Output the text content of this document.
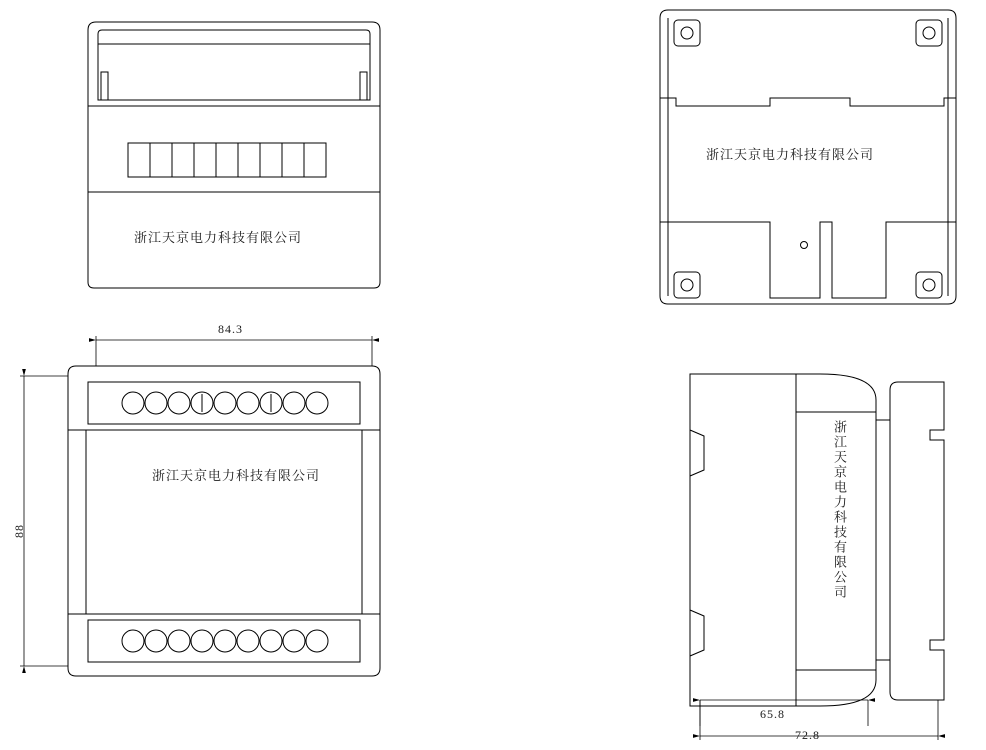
浙江天京电力科技有限公司
浙江天京电力科技有限公司
浙江天京电力科技有限公司	浙江天京电力科技有限公司
84.3
88
65.8
72.8
